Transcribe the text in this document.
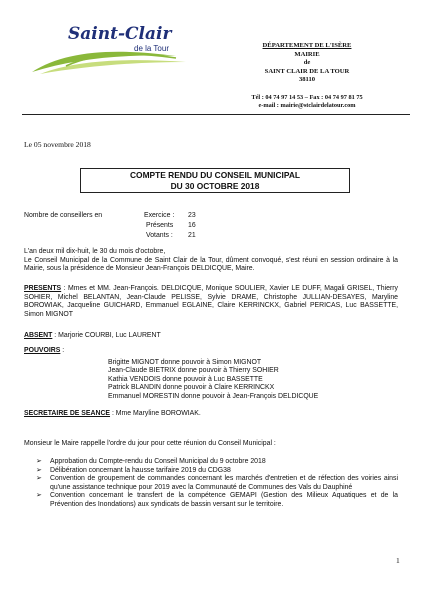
Saint-Clair
de la Tour	DÉPARTEMENT DE L'ISÈRE
MAIRIE
de
SAINT CLAIR DE LA TOUR
38110
Tél : 04 74 97 14 53 – Fax : 04 74 97 81 75
e-mail : mairie@stclairdelatour.com
Le 05 novembre 2018
COMPTE RENDU DU CONSEIL MUNICIPAL
DU 30 OCTOBRE 2018
Nombre de conseillers en	Exercice : 23
Présents 16
Votants : 21
L'an deux mil dix-huit, le 30 du mois d'octobre,
Le Conseil Municipal de la Commune de Saint Clair de la Tour, dûment convoqué, s'est réuni en session ordinaire à la Mairie, sous la présidence de Monsieur Jean-François DELDICQUE, Maire.
PRESENTS : Mmes et MM. Jean-François. DELDICQUE, Monique SOULIER, Xavier LE DUFF, Magali GRISEL, Thierry SOHIER, Michel BELANTAN, Jean-Claude PELISSE, Sylvie DRAME, Christophe JULLIAN-DESAYES, Maryline BOROWIAK, Jacqueline GUICHARD, Emmanuel EGLAINE, Claire KERRINCKX, Gabriel PERICAS, Luc BASSETTE, Simon MIGNOT
ABSENT : Marjorie COURBI, Luc LAURENT
POUVOIRS :
Brigitte MIGNOT donne pouvoir à Simon MIGNOT
Jean-Claude BIETRIX donne pouvoir à Thierry SOHIER
Kathia VENDOIS donne pouvoir à Luc BASSETTE
Patrick BLANDIN donne pouvoir à Claire KERRINCKX
Emmanuel MORESTIN donne pouvoir à Jean-François DELDICQUE
SECRETAIRE DE SEANCE : Mme Maryline BOROWIAK.
Monsieur le Maire rappelle l'ordre du jour pour cette réunion du Conseil Municipal :
➢ Approbation du Compte-rendu du Conseil Municipal du 9 octobre 2018
➢ Délibération concernant la hausse tarifaire 2019 du CDG38
➢ Convention de groupement de commandes concernant les marchés d'entretien et de réfection des voiries ainsi qu'une assistance technique pour 2019 avec la Communauté de Communes des Vals du Dauphiné
➢ Convention concernant le transfert de la compétence GEMAPI (Gestion des Milieux Aquatiques et de la Prévention des Inondations) aux syndicats de bassin versant sur le territoire.
1
